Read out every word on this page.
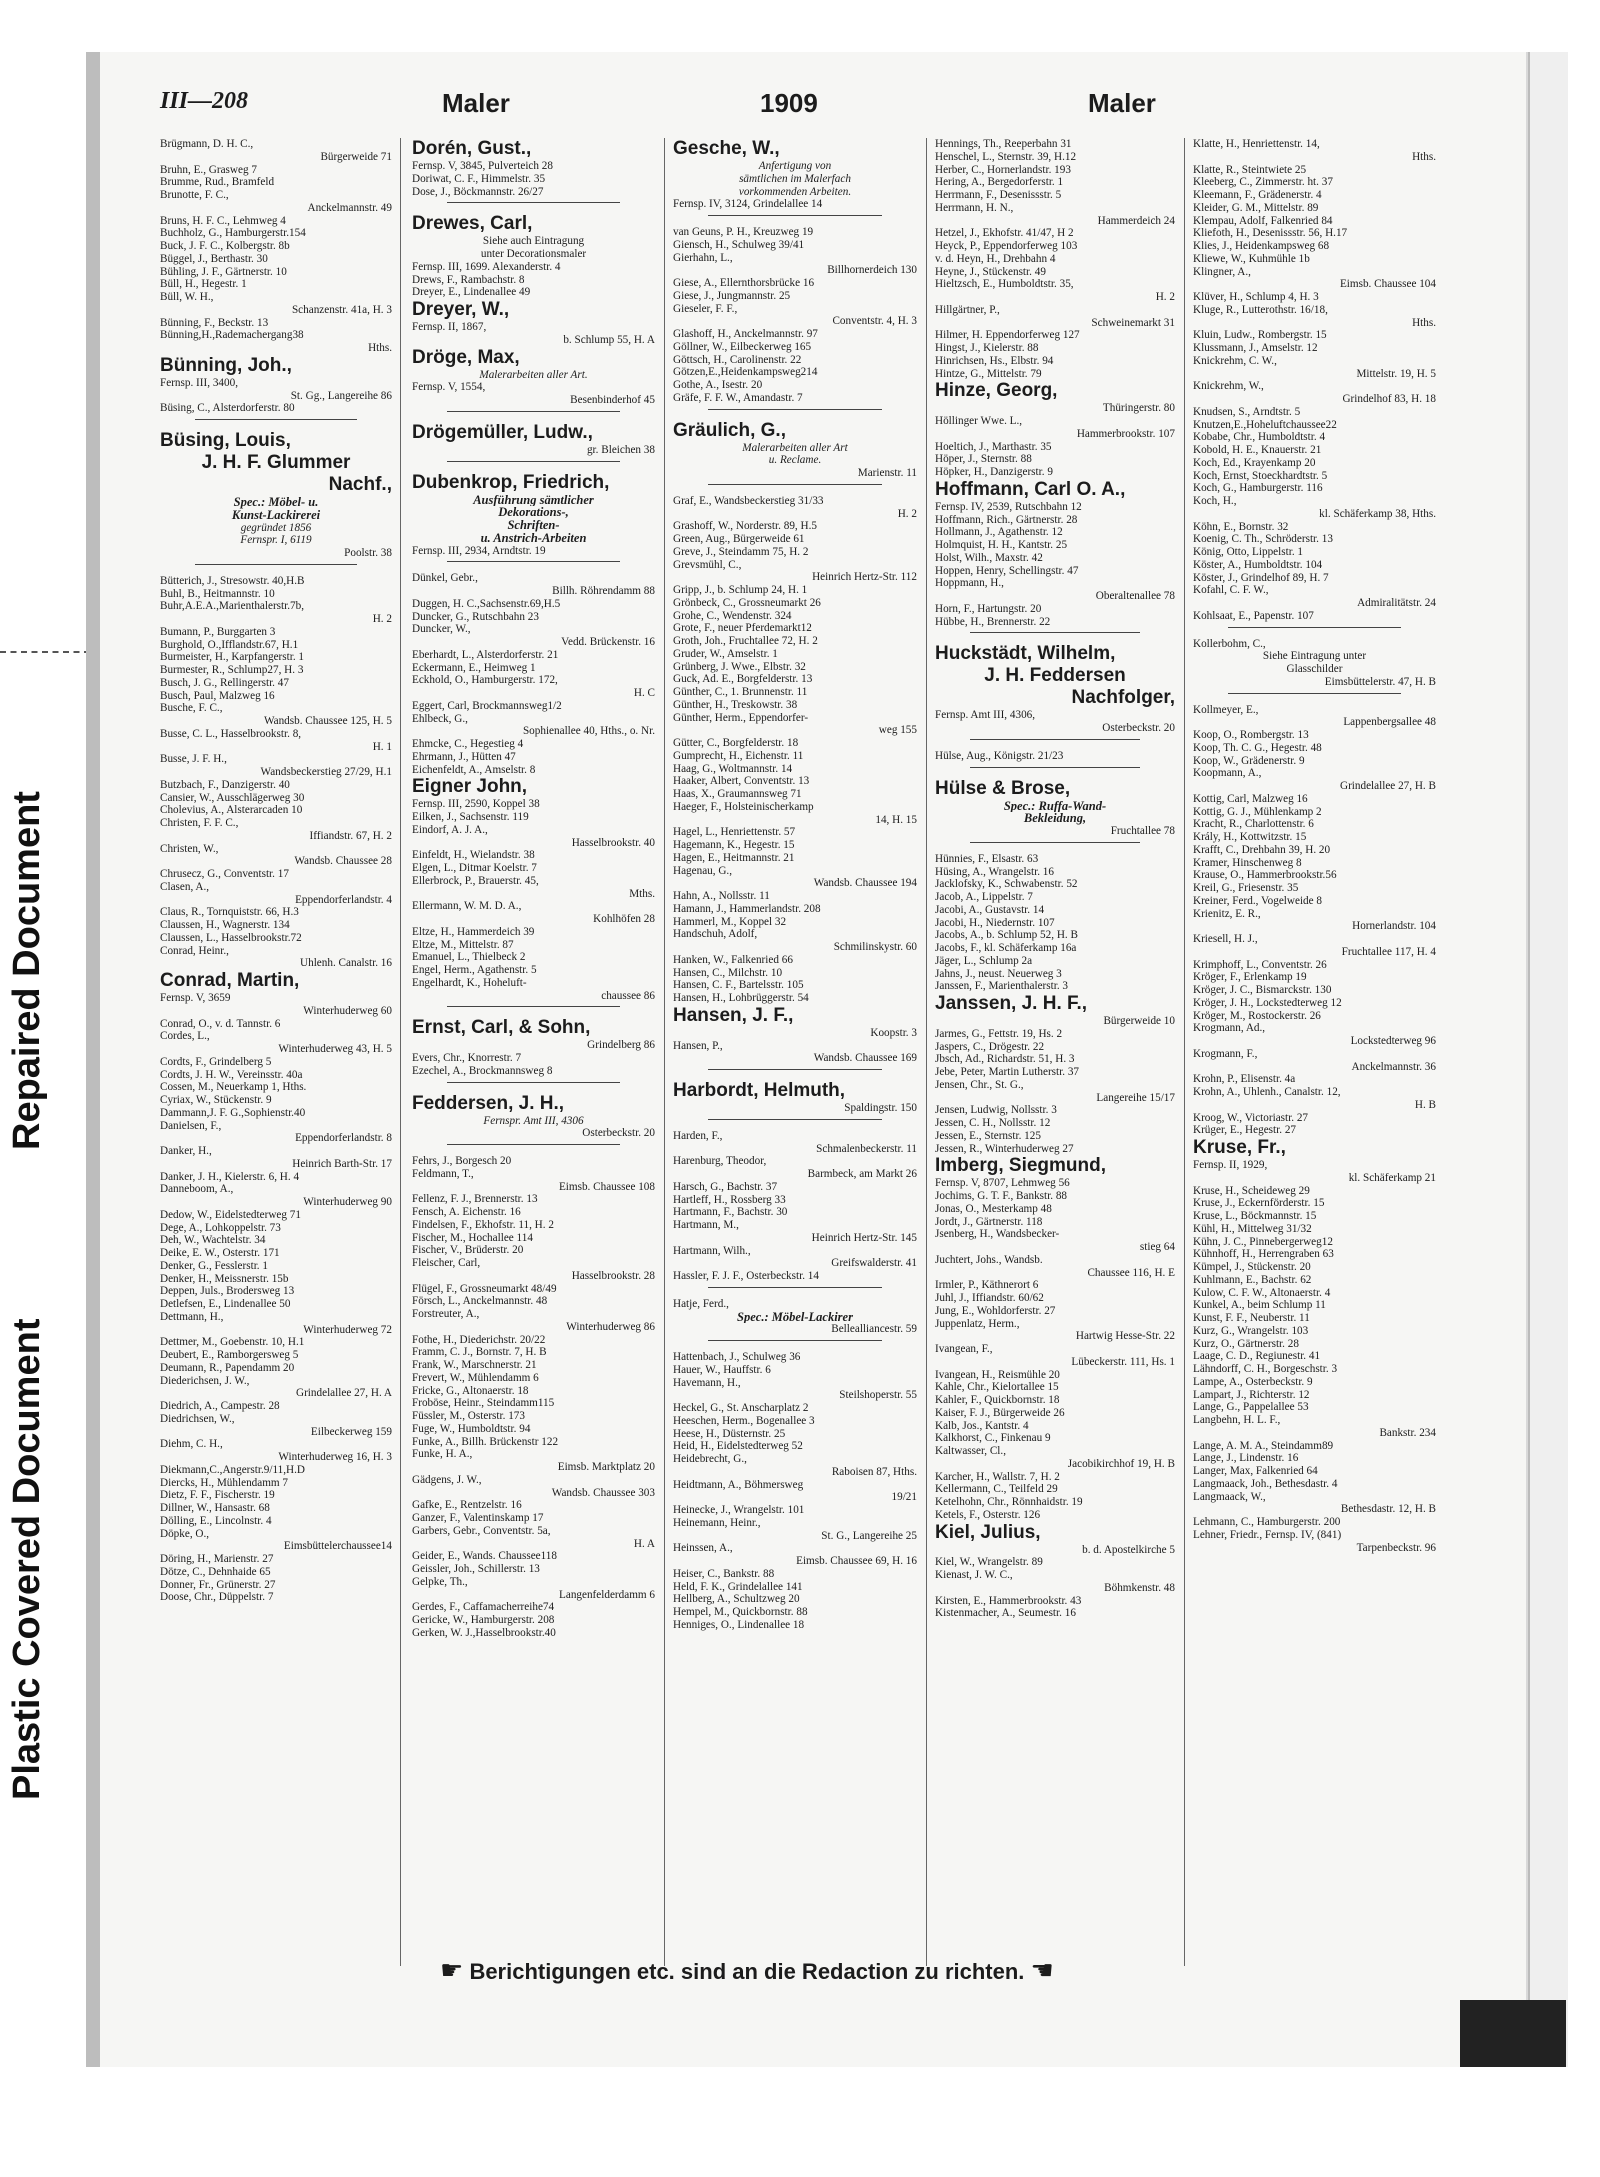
Repaired Document
Plastic Covered Document
III—208	Maler	1909	Maler
Brügmann, D. H. C.,
Bürgerweide 71
Bruhn, E., Grasweg 7
Brumme, Rud., Bramfeld
Brunotte, F. C.,
Anckelmannstr. 49
Bruns, H. F. C., Lehmweg 4
Buchholz, G., Hamburgerstr.154
Buck, J. F. C., Kolbergstr. 8b
Büggel, J., Berthastr. 30
Bühling, J. F., Gärtnerstr. 10
Büll, H., Hegestr. 1
Büll, W. H.,
Schanzenstr. 41a, H. 3
Bünning, F., Beckstr. 13
Bünning,H.,Rademachergang38
Hths.
Bünning, Joh.,
Fernsp. III, 3400,
St. Gg., Langereihe 86
Büsing, C., Alsterdorferstr. 80
Büsing, Louis,
J. H. F. Glummer
Nachf.,
Spec.: Möbel- u.
Kunst-Lackirerei
gegründet 1856
Fernspr. I, 6119
Poolstr. 38
Bütterich, J., Stresowstr. 40,H.B
Buhl, B., Heitmannstr. 10
Buhr,A.E.A.,Marienthalerstr.7b,
H. 2
Bumann, P., Burggarten 3
Burghold, O.,Ifflandstr.67, H.1
Burmeister, H., Karpfangerstr. 1
Burmester, R., Schlump27, H. 3
Busch, J. G., Rellingerstr. 47
Busch, Paul, Malzweg 16
Busche, F. C.,
Wandsb. Chaussee 125, H. 5
Busse, C. L., Hasselbrookstr. 8,
H. 1
Busse, J. F. H.,
Wandsbeckerstieg 27/29, H.1
Butzbach, F., Danzigerstr. 40
Cansier, W., Ausschlägerweg 30
Cholevius, A., Alsterarcaden 10
Christen, F. F. C.,
Iffiandstr. 67, H. 2
Christen, W.,
Wandsb. Chaussee 28
Chrusecz, G., Conventstr. 17
Clasen, A.,
Eppendorferlandstr. 4
Claus, R., Tornquiststr. 66, H.3
Claussen, H., Wagnerstr. 134
Claussen, L., Hasselbrookstr.72
Conrad, Heinr.,
Uhlenh. Canalstr. 16
Conrad, Martin,
Fernsp. V, 3659
Winterhuderweg 60
Conrad, O., v. d. Tannstr. 6
Cordes, L.,
Winterhuderweg 43, H. 5
Cordts, F., Grindelberg 5
Cordts, J. H. W., Vereinsstr. 40a
Cossen, M., Neuerkamp 1, Hths.
Cyriax, W., Stückenstr. 9
Dammann,J. F. G.,Sophienstr.40
Danielsen, F.,
Eppendorferlandstr. 8
Danker, H.,
Heinrich Barth-Str. 17
Danker, J. H., Kielerstr. 6, H. 4
Danneboom, A.,
Winterhuderweg 90
Dedow, W., Eidelstedterweg 71
Dege, A., Lohkoppelstr. 73
Deh, W., Wachtelstr. 34
Deike, E. W., Osterstr. 171
Denker, G., Fesslerstr. 1
Denker, H., Meissnerstr. 15b
Deppen, Juls., Brodersweg 13
Detlefsen, E., Lindenallee 50
Dettmann, H.,
Winterhuderweg 72
Dettmer, M., Goebenstr. 10, H.1
Deubert, E., Ramborgersweg 5
Deumann, R., Papendamm 20
Diederichsen, J. W.,
Grindelallee 27, H. A
Diedrich, A., Campestr. 28
Diedrichsen, W.,
Eilbeckerweg 159
Diehm, C. H.,
Winterhuderweg 16, H. 3
Diekmann,C.,Angerstr.9/11,H.D
Diercks, H., Mühlendamm 7
Dietz, F. F., Fischerstr. 19
Dillner, W., Hansastr. 68
Dölling, E., Lincolnstr. 4
Döpke, O.,
Eimsbüttelerchaussee14
Döring, H., Marienstr. 27
Dötze, C., Dehnhaide 65
Donner, Fr., Grünerstr. 27
Doose, Chr., Düppelstr. 7
Dorén, Gust.,
Fernsp. V, 3845, Pulverteich 28
Doriwat, C. F., Himmelstr. 35
Dose, J., Böckmannstr. 26/27
Drewes, Carl,
Siehe auch Eintragung
unter Decorationsmaler
Fernsp. III, 1699. Alexanderstr. 4
Drews, F., Rambachstr. 8
Dreyer, E., Lindenallee 49
Dreyer, W.,
Fernsp. II, 1867,
b. Schlump 55, H. A
Dröge, Max,
Malerarbeiten aller Art.
Fernsp. V, 1554,
Besenbinderhof 45
Drögemüller, Ludw.,
gr. Bleichen 38
Dubenkrop, Friedrich,
Ausführung sämtlicher
Dekorations-,
Schriften-
u. Anstrich-Arbeiten
Fernsp. III, 2934, Arndtstr. 19
Dünkel, Gebr.,
Billh. Röhrendamm 88
Duggen, H. C.,Sachsenstr.69,H.5
Duncker, G., Rutschbahn 23
Duncker, W.,
Vedd. Brückenstr. 16
Eberhardt, L., Alsterdorferstr. 21
Eckermann, E., Heimweg 1
Eckhold, O., Hamburgerstr. 172,
H. C
Eggert, Carl, Brockmannsweg1/2
Ehlbeck, G.,
Sophienallee 40, Hths., o. Nr.
Ehmcke, C., Hegestieg 4
Ehrmann, J., Hütten 47
Eichenfeldt, A., Amselstr. 8
Eigner John,
Fernsp. III, 2590, Koppel 38
Eilken, J., Sachsenstr. 119
Eindorf, A. J. A.,
Hasselbrookstr. 40
Einfeldt, H., Wielandstr. 38
Elgen, L., Ditmar Koelstr. 7
Ellerbrock, P., Brauerstr. 45,
Mths.
Ellermann, W. M. D. A.,
Kohlhöfen 28
Eltze, H., Hammerdeich 39
Eltze, M., Mittelstr. 87
Emanuel, L., Thielbeck 2
Engel, Herm., Agathenstr. 5
Engelhardt, K., Hoheluft-
chaussee 86
Ernst, Carl, & Sohn,
Grindelberg 86
Evers, Chr., Knorrestr. 7
Ezechel, A., Brockmannsweg 8
Feddersen, J. H.,
Fernspr. Amt III, 4306
Osterbeckstr. 20
Fehrs, J., Borgesch 20
Feldmann, T.,
Eimsb. Chaussee 108
Fellenz, F. J., Brennerstr. 13
Fensch, A. Eichenstr. 16
Findelsen, F., Ekhofstr. 11, H. 2
Fischer, M., Hochallee 114
Fischer, V., Brüderstr. 20
Fleischer, Carl,
Hasselbrookstr. 28
Flügel, F., Grossneumarkt 48/49
Försch, L., Anckelmannstr. 48
Forstreuter, A.,
Winterhuderweg 86
Fothe, H., Diederichstr. 20/22
Framm, C. J., Bornstr. 7, H. B
Frank, W., Marschnerstr. 21
Frevert, W., Mühlendamm 6
Fricke, G., Altonaerstr. 18
Froböse, Heinr., Steindamm115
Füssler, M., Osterstr. 173
Fuge, W., Humboldtstr. 94
Funke, A., Billh. Brückenstr 122
Funke, H. A.,
Eimsb. Marktplatz 20
Gädgens, J. W.,
Wandsb. Chaussee 303
Gafke, E., Rentzelstr. 16
Ganzer, F., Valentinskamp 17
Garbers, Gebr., Conventstr. 5a,
H. A
Geider, E., Wands. Chaussee118
Geissler, Joh., Schillerstr. 13
Gelpke, Th.,
Langenfelderdamm 6
Gerdes, F., Caffamacherreihe74
Gericke, W., Hamburgerstr. 208
Gerken, W. J.,Hasselbrookstr.40
Gesche, W.,
Anfertigung von
sämtlichen im Malerfach
vorkommenden Arbeiten.
Fernsp. IV, 3124, Grindelallee 14
van Geuns, P. H., Kreuzweg 19
Giensch, H., Schulweg 39/41
Gierhahn, L.,
Billhornerdeich 130
Giese, A., Ellernthorsbrücke 16
Giese, J., Jungmannstr. 25
Gieseler, F. F.,
Conventstr. 4, H. 3
Glashoff, H., Anckelmannstr. 97
Göllner, W., Eilbeckerweg 165
Göttsch, H., Carolinenstr. 22
Götzen,E.,Heidenkampsweg214
Gothe, A., Isestr. 20
Gräfe, F. F. W., Amandastr. 7
Gräulich, G.,
Malerarbeiten aller Art
u. Reclame.
Marienstr. 11
Graf, E., Wandsbeckerstieg 31/33
H. 2
Grashoff, W., Norderstr. 89, H.5
Green, Aug., Bürgerweide 61
Greve, J., Steindamm 75, H. 2
Grevsmühl, C.,
Heinrich Hertz-Str. 112
Gripp, J., b. Schlump 24, H. 1
Grönbeck, C., Grossneumarkt 26
Grohe, C., Wendenstr. 324
Grote, F., neuer Pferdemarkt12
Groth, Joh., Fruchtallee 72, H. 2
Gruder, W., Amselstr. 1
Grünberg, J. Wwe., Elbstr. 32
Guck, Ad. E., Borgfelderstr. 13
Günther, C., 1. Brunnenstr. 11
Günther, H., Treskowstr. 38
Günther, Herm., Eppendorfer-
weg 155
Gütter, C., Borgfelderstr. 18
Gumprecht, H., Eichenstr. 11
Haag, G., Woltmannstr. 14
Haaker, Albert, Conventstr. 13
Haas, X., Graumannsweg 71
Haeger, F., Holsteinischerkamp
14, H. 15
Hagel, L., Henriettenstr. 57
Hagemann, K., Hegestr. 15
Hagen, E., Heitmannstr. 21
Hagenau, G.,
Wandsb. Chaussee 194
Hahn, A., Nollsstr. 11
Hamann, J., Hammerlandstr. 208
Hammerl, M., Koppel 32
Handschuh, Adolf,
Schmilinskystr. 60
Hanken, W., Falkenried 66
Hansen, C., Milchstr. 10
Hansen, C. F., Bartelsstr. 105
Hansen, H., Lohbrüggerstr. 54
Hansen, J. F.,
Koopstr. 3
Hansen, P.,
Wandsb. Chaussee 169
Harbordt, Helmuth,
Spaldingstr. 150
Harden, F.,
Schmalenbeckerstr. 11
Harenburg, Theodor,
Barmbeck, am Markt 26
Harsch, G., Bachstr. 37
Hartleff, H., Rossberg 33
Hartmann, F., Bachstr. 30
Hartmann, M.,
Heinrich Hertz-Str. 145
Hartmann, Wilh.,
Greifswalderstr. 41
Hassler, F. J. F., Osterbeckstr. 14
Hatje, Ferd.,
Spec.: Möbel-Lackirer
Belleallіancestr. 59
Hattenbach, J., Schulweg 36
Hauer, W., Hauffstr. 6
Havemann, H.,
Steilshoperstr. 55
Heckel, G., St. Anscharplatz 2
Heeschen, Herm., Bogenallee 3
Heese, H., Düsternstr. 25
Heid, H., Eidelstedterweg 52
Heidebrecht, G.,
Raboisen 87, Hths.
Heidtmann, A., Böhmersweg
19/21
Heinecke, J., Wrangelstr. 101
Heinemann, Heinr.,
St. G., Langereihe 25
Heinssen, A.,
Eimsb. Chaussee 69, H. 16
Heiser, C., Bankstr. 88
Held, F. K., Grindelallee 141
Hellberg, A., Schultzweg 20
Hempel, M., Quickbornstr. 88
Henniges, O., Lindenallee 18
Hennings, Th., Reeperbahn 31
Henschel, L., Sternstr. 39, H.12
Herber, C., Hornerlandstr. 193
Hering, A., Bergedorferstr. 1
Herrmann, F., Desenissstr. 5
Herrmann, H. N.,
Hammerdeich 24
Hetzel, J., Ekhofstr. 41/47, H 2
Heyck, P., Eppendorferweg 103
v. d. Heyn, H., Drehbahn 4
Heyne, J., Stückenstr. 49
Hieltzsch, E., Humboldtstr. 35,
H. 2
Hillgärtner, P.,
Schweinemarkt 31
Hilmer, H. Eppendorferweg 127
Hingst, J., Kielerstr. 88
Hinrichsen, Hs., Elbstr. 94
Hintze, G., Mittelstr. 79
Hinze, Georg,
Thüringerstr. 80
Höllinger Wwe. L.,
Hammerbrookstr. 107
Hoeltich, J., Marthastr. 35
Höper, J., Sternstr. 88
Höpker, H., Danzigerstr. 9
Hoffmann, Carl O. A.,
Fernsp. IV, 2539, Rutschbahn 12
Hoffmann, Rich., Gärtnerstr. 28
Hollmann, J., Agathenstr. 12
Holmquist, H. H., Kantstr. 25
Holst, Wilh., Maxstr. 42
Hoppen, Henry, Schellingstr. 47
Hoppmann, H.,
Oberaltenallee 78
Horn, F., Hartungstr. 20
Hübbe, H., Brennerstr. 22
Huckstädt, Wilhelm,
J. H. Feddersen
Nachfolger,
Fernsp. Amt III, 4306,
Osterbeckstr. 20
Hülse, Aug., Königstr. 21/23
Hülse & Brose,
Spec.: Ruffa-Wand-
Bekleidung,
Fruchtallee 78
Hünnies, F., Elsastr. 63
Hüsing, A., Wrangelstr. 16
Jacklofsky, K., Schwabenstr. 52
Jacob, A., Lippelstr. 7
Jacobi, A., Gustavstr. 14
Jacobi, H., Niedernstr. 107
Jacobs, A., b. Schlump 52, H. B
Jacobs, F., kl. Schäferkamp 16a
Jäger, L., Schlump 2a
Jahns, J., neust. Neuerweg 3
Janssen, F., Marienthalerstr. 3
Janssen, J. H. F.,
Bürgerweide 10
Jarmes, G., Fettstr. 19, Hs. 2
Jaspers, C., Drögestr. 22
Jbsch, Ad., Richardstr. 51, H. 3
Jebe, Peter, Martin Lutherstr. 37
Jensen, Chr., St. G.,
Langereihe 15/17
Jensen, Ludwig, Nollsstr. 3
Jessen, C. H., Nollsstr. 12
Jessen, E., Sternstr. 125
Jessen, R., Winterhuderweg 27
Imberg, Siegmund,
Fernsp. V, 8707, Lehmweg 56
Jochims, G. T. F., Bankstr. 88
Jonas, O., Mesterkamp 48
Jordt, J., Gärtnerstr. 118
Jsenberg, H., Wandsbecker-
stieg 64
Juchtert, Johs., Wandsb.
Chaussee 116, H. E
Irmler, P., Käthnerort 6
Juhl, J., Iffiandstr. 60/62
Jung, E., Wohldorferstr. 27
Juppenlatz, Herm.,
Hartwig Hesse-Str. 22
Ivangean, F.,
Lübeckerstr. 111, Hs. 1
Ivangean, H., Reismühle 20
Kahle, Chr., Kielortallee 15
Kahler, F., Quickbornstr. 18
Kaiser, F. J., Bürgerweide 26
Kalb, Jos., Kantstr. 4
Kalkhorst, C., Finkenau 9
Kaltwasser, Cl.,
Jacobikirchhof 19, H. B
Karcher, H., Wallstr. 7, H. 2
Kellermann, C., Teilfeld 29
Ketelhohn, Chr., Rönnhaidstr. 19
Ketels, F., Osterstr. 126
Kiel, Julius,
b. d. Apostelkirche 5
Kiel, W., Wrangelstr. 89
Kienast, J. W. C.,
Böhmkenstr. 48
Kirsten, E., Hammerbrookstr. 43
Kistenmacher, A., Seumestr. 16
Klatte, H., Henriettenstr. 14,
Hths.
Klatte, R., Steintwiete 25
Kleeberg, C., Zimmerstr. ht. 37
Kleemann, F., Grädenerstr. 4
Kleider, G. M., Mittelstr. 89
Klempau, Adolf, Falkenried 84
Kliefoth, H., Desenissstr. 56, H.17
Klies, J., Heidenkampsweg 68
Kliewe, W., Kuhmühle 1b
Klingner, A.,
Eimsb. Chaussee 104
Klüver, H., Schlump 4, H. 3
Kluge, R., Lutterothstr. 16/18,
Hths.
Kluin, Ludw., Rombergstr. 15
Klussmann, J., Amselstr. 12
Knickrehm, C. W.,
Mittelstr. 19, H. 5
Knickrehm, W.,
Grindelhof 83, H. 18
Knudsen, S., Arndtstr. 5
Knutzen,E.,Hoheluftchaussee22
Kobabe, Chr., Humboldtstr. 4
Kobold, H. E., Knauerstr. 21
Koch, Ed., Krayenkamp 20
Koch, Ernst, Stoeckhardtstr. 5
Koch, G., Hamburgerstr. 116
Koch, H.,
kl. Schäferkamp 38, Hths.
Köhn, E., Bornstr. 32
Koenig, C. Th., Schröderstr. 13
König, Otto, Lippelstr. 1
Köster, A., Humboldtstr. 104
Köster, J., Grindelhof 89, H. 7
Kofahl, C. F. W.,
Admiralitätstr. 24
Kohlsaat, E., Papenstr. 107
Kollerbohm, C.,
Siehe Eintragung unter
Glasschilder
Eimsbüttelerstr. 47, H. B
Kollmeyer, E.,
Lappenbergsallee 48
Koop, O., Rombergstr. 13
Koop, Th. C. G., Hegestr. 48
Koop, W., Grädenerstr. 9
Koopmann, A.,
Grindelallee 27, H. B
Kottig, Carl, Malzweg 16
Kottig, G. J., Mühlenkamp 2
Kracht, R., Charlottenstr. 6
Krály, H., Kottwitzstr. 15
Krafft, C., Drehbahn 39, H. 20
Kramer, Hinschenweg 8
Krause, O., Hammerbrookstr.56
Kreil, G., Friesenstr. 35
Kreiner, Ferd., Vogelweide 8
Krienitz, E. R.,
Hornerlandstr. 104
Kriesell, H. J.,
Fruchtallee 117, H. 4
Krimphoff, L., Conventstr. 26
Kröger, F., Erlenkamp 19
Kröger, J. C., Bismarckstr. 130
Kröger, J. H., Lockstedterweg 12
Kröger, M., Rostockerstr. 26
Krogmann, Ad.,
Lockstedterweg 96
Krogmann, F.,
Anckelmannstr. 36
Krohn, P., Elisenstr. 4a
Krohn, A., Uhlenh., Canalstr. 12,
H. B
Kroog, W., Victoriastr. 27
Krüger, E., Hegestr. 27
Kruse, Fr.,
Fernsp. II, 1929,
kl. Schäferkamp 21
Kruse, H., Scheideweg 29
Kruse, J., Eckernförderstr. 15
Kruse, L., Böckmannstr. 15
Kühl, H., Mittelweg 31/32
Kühn, J. C., Pinnebergerweg12
Kühnhoff, H., Herrengraben 63
Kümpel, J., Stückenstr. 20
Kuhlmann, E., Bachstr. 62
Kulow, C. F. W., Altonaerstr. 4
Kunkel, A., beim Schlump 11
Kunst, F. F., Neuberstr. 11
Kurz, G., Wrangelstr. 103
Kurz, O., Gärtnerstr. 28
Laage, C. D., Regiunestr. 41
Lähndorff, C. H., Borgeschstr. 3
Lampe, A., Osterbeckstr. 9
Lampart, J., Richterstr. 12
Lange, G., Pappelallee 53
Langbehn, H. L. F.,
Bankstr. 234
Lange, A. M. A., Steindamm89
Lange, J., Lindenstr. 16
Langer, Max, Falkenried 64
Langmaack, Joh., Bethesdastr. 4
Langmaack, W.,
Bethesdastr. 12, H. B
Lehmann, C., Hamburgerstr. 200
Lehner, Friedr., Fernsp. IV, (841)
Tarpenbeckstr. 96
☛ Berichtigungen etc. sind an die Redaction zu richten. ☚
